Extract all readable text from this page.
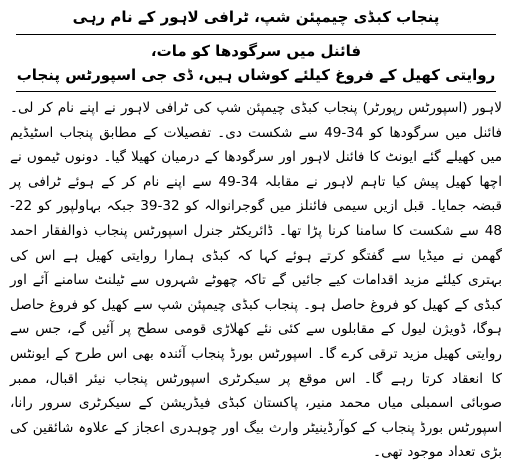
پنجاب کبڈی چیمپئن شپ، ٹرافی لاہور کے نام رہی
فائنل میں سرگودھا کو مات،
روایتی کھیل کے فروغ کیلئے کوشاں ہیں، ڈی جی اسپورٹس پنجاب
لاہور (اسپورٹس رپورٹر) پنجاب کبڈی چیمپئن شپ کی ٹرافی لاہور نے اپنے نام کر لی۔ فائنل میں سرگودھا کو 34-49 سے شکست دی۔ تفصیلات کے مطابق پنجاب اسٹیڈیم میں کھیلے گئے ایونٹ کا فائنل لاہور اور سرگودھا کے درمیان کھیلا گیا۔ دونوں ٹیموں نے اچھا کھیل پیش کیا تاہم لاہور نے مقابلہ 34-49 سے اپنے نام کر کے ہوئے ٹرافی پر قبضہ جمایا۔ قبل ازیں سیمی فائنلز میں گوجرانوالہ کو 32-39 جبکہ بہاولپور کو 22-48 سے شکست کا سامنا کرنا پڑا تھا۔ ڈائریکٹر جنرل اسپورٹس پنجاب ذوالفقار احمد گھمن نے میڈیا سے گفتگو کرتے ہوئے کہا کہ کبڈی ہمارا روایتی کھیل ہے اس کی بہتری کیلئے مزید اقدامات کیے جائیں گے تاکہ چھوٹے شہروں سے ٹیلنٹ سامنے آئے اور کبڈی کے کھیل کو فروغ حاصل ہو۔ پنجاب کبڈی چیمپئن شپ سے کھیل کو فروغ حاصل ہوگا، ڈویژن لیول کے مقابلوں سے کئی نئے کھلاڑی قومی سطح پر آئیں گے، جس سے روایتی کھیل مزید ترقی کرے گا۔ اسپورٹس بورڈ پنجاب آئندہ بھی اس طرح کے ایونٹس کا انعقاد کرتا رہے گا۔ اس موقع پر سیکرٹری اسپورٹس پنجاب نیئر اقبال، ممبر صوبائی اسمبلی میاں محمد منیر، پاکستان کبڈی فیڈریشن کے سیکرٹری سرور رانا، اسپورٹس بورڈ پنجاب کے کوآرڈینیٹر وارث بیگ اور چوہدری اعجاز کے علاوہ شائقین کی بڑی تعداد موجود تھی۔
